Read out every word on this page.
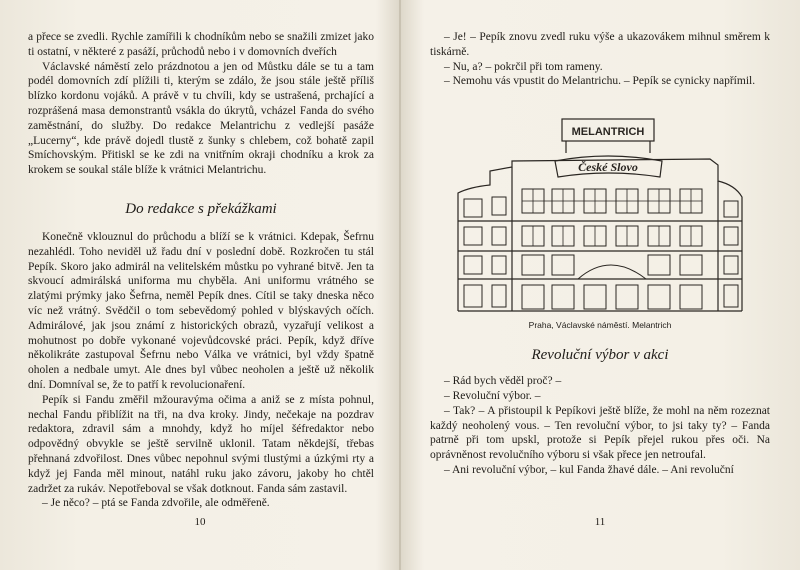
a přece se zvedli. Rychle zamířili k chodníkům nebo se snažili zmizet jako ti ostatní, v některé z pasáží, průchodů nebo i v domovních dveřích

Václavské náměstí zelo prázdnotou a jen od Můstku dále se tu a tam podél domovních zdí plížili ti, kterým se zdálo, že jsou stále ještě příliš blízko kordonu vojáků. A právě v tu chvíli, kdy se ustrašená, prchající a rozprášená masa demonstrantů vsákla do úkrytů, vcházel Fanda do svého zaměstnání, do služby. Do redakce Melantrichu z vedlejší pasáže „Lucerny“, kde právě dojedl tlustě z šunky s chlebem, což bohatě zapil Smíchovským. Přitiskl se ke zdi na vnitřním okraji chodníku a krok za krokem se soukal stále blíže k vrátnici Melantrichu.

Do redakce s překážkami

Konečně vklouznul do průchodu a blíží se k vrátnici. Kdepak, Šefrnu nezahlédl. Toho neviděl už řadu dní v poslední době. Rozkročen tu stál Pepík. Skoro jako admirál na velitelském můstku po vyhrané bitvě. Jen ta skvoucí admirálská uniforma mu chyběla. Ani uniformu vrátného se zlatými prýmky jako Šefrna, neměl Pepík dnes. Cítil se taky dneska něco víc než vrátný. Svědčil o tom sebevědomý pohled v blýskavých očích. Admirálové, jak jsou známí z historických obrazů, vyzařují velikost a mohutnost po dobře vykonané vojevůdcovské práci. Pepík, když dříve několikráte zastupoval Šefrnu nebo Válka ve vrátnici, byl vždy špatně oholen a nedbale umyt. Ale dnes byl vůbec neoholen a ještě už několik dní. Domníval se, že to patří k revolucionaření.

Pepík si Fandu změřil mžouravýma očima a aniž se z místa pohnul, nechal Fandu přiblížit na tři, na dva kroky. Jindy, nečekaje na pozdrav redaktora, zdravil sám a mnohdy, když ho míjel šéfredaktor nebo odpovědný obvykle se ještě servilně uklonil. Tatam někdejší, třebas přehnaná zdvořilost. Dnes vůbec nepohnul svými tlustými a úzkými rty a když jej Fanda měl minout, natáhl ruku jako závoru, jakoby ho chtěl zadržet za rukáv. Nepotřeboval se však dotknout. Fanda sám zastavil.

– Je něco? – ptá se Fanda zdvořile, ale odměřeně.

10

– Je! – Pepík znovu zvedl ruku výše a ukazovákem mihnul směrem k tiskárně.

– Nu, a? – pokrčil při tom rameny.

– Nemohu vás vpustit do Melantrichu. – Pepík se cynicky napřímil.

MELANTRICH
České Slovo
Praha, Václavské náměstí. Melantrich
Revoluční výbor v akci

– Rád bych věděl proč? –

– Revoluční výbor. –

– Tak? – A přistoupil k Pepíkovi ještě blíže, že mohl na něm rozeznat každý neoholený vous. – Ten revoluční výbor, to jsi taky ty? – Fanda patrně při tom upskl, protože si Pepík přejel rukou přes oči. Na oprávněnost revolučního výboru si však přece jen netroufal.

– Ani revoluční výbor, – kul Fanda žhavé dále. – Ani revoluční

11
